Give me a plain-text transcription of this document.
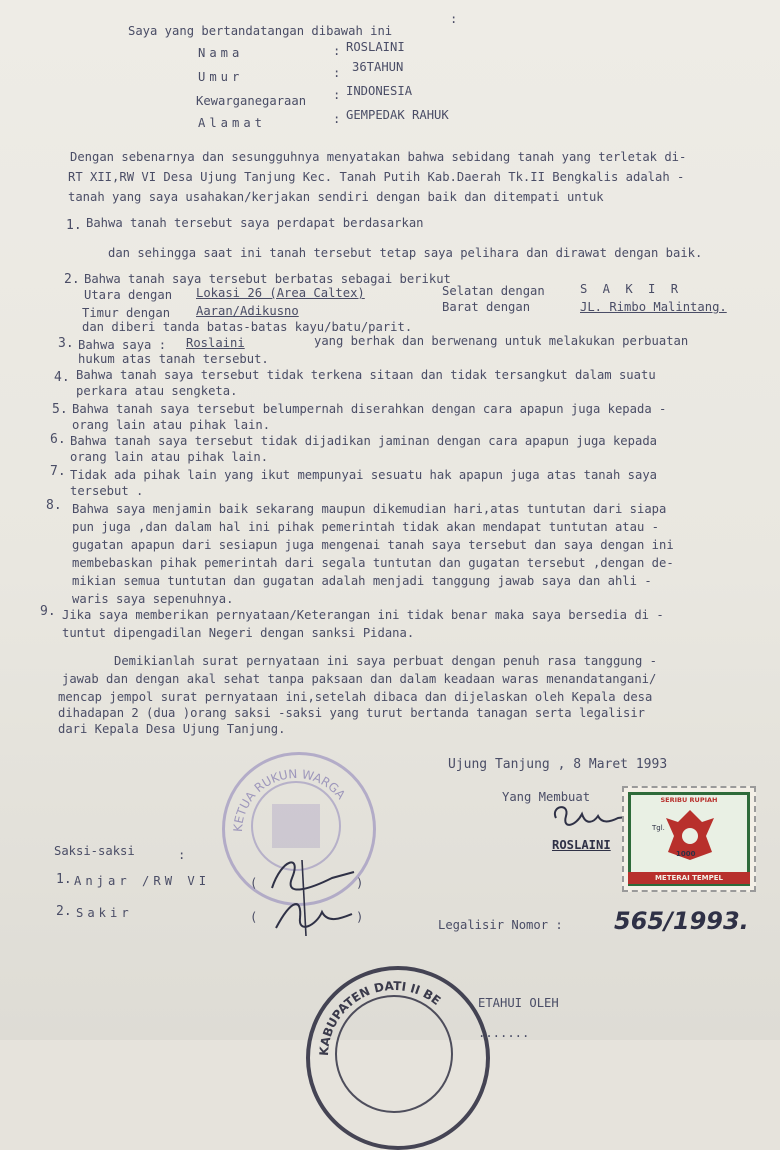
Saya yang bertandatangan dibawah ini
:
Nama	: ROSLAINI
Umur	: 36TAHUN
Kewarganegaraan : INDONESIA
Alamat	: GEMPEDAK RAHUK
Dengan sebenarnya dan sesungguhnya menyatakan bahwa sebidang tanah yang terletak di-
RT XII,RW VI Desa Ujung Tanjung Kec. Tanah Putih Kab.Daerah Tk.II Bengkalis adalah -
tanah yang saya usahakan/kerjakan sendiri dengan baik dan ditempati untuk
1. Bahwa tanah tersebut saya perdapat berdasarkan
dan sehingga saat ini tanah tersebut tetap saya pelihara dan dirawat dengan baik.
2. Bahwa tanah saya tersebut berbatas sebagai berikut
Utara dengan Lokasi 26 (Area Caltex)	Selatan dengan	S A K I R
Timur dengan Aaran/Adikusno	Barat dengan	JL. Rimbo Malintang.
dan diberi tanda batas-batas kayu/batu/parit.
3. Bahwa saya : Roslaini	yang berhak dan berwenang untuk melakukan perbuatan
hukum atas tanah tersebut.
4. Bahwa tanah saya tersebut tidak terkena sitaan dan tidak tersangkut dalam suatu
perkara atau sengketa.
5. Bahwa tanah saya tersebut belumpernah diserahkan dengan cara apapun juga kepada -
orang lain atau pihak lain.
6. Bahwa tanah saya tersebut tidak dijadikan jaminan dengan cara apapun juga kepada
orang lain atau pihak lain.
7. Tidak ada pihak lain yang ikut mempunyai sesuatu hak apapun juga atas tanah saya
tersebut .
8. Bahwa saya menjamin baik sekarang maupun dikemudian hari,atas tuntutan dari siapa
pun juga ,dan dalam hal ini pihak pemerintah tidak akan mendapat tuntutan atau -
gugatan apapun dari sesiapun juga mengenai tanah saya tersebut dan saya dengan ini
membebaskan pihak pemerintah dari segala tuntutan dan gugatan tersebut ,dengan de-
mikian semua tuntutan dan gugatan adalah menjadi tanggung jawab saya dan ahli -
waris saya sepenuhnya.
9. Jika saya memberikan pernyataan/Keterangan ini tidak benar maka saya bersedia di -
tuntut dipengadilan Negeri dengan sanksi Pidana.
Demikianlah surat pernyataan ini saya perbuat dengan penuh rasa tanggung -
jawab dan dengan akal sehat tanpa paksaan dan dalam keadaan waras menandatangani/
mencap jempol surat pernyataan ini,setelah dibaca dan dijelaskan oleh Kepala desa
dihadapan 2 (dua )orang saksi -saksi yang turut bertanda tanagan serta legalisir
dari Kepala Desa Ujung Tanjung.
Ujung Tanjung , 8 Maret 1993
Yang Membuat
KETUA RUKUN WARGA
ROSLAINI
SERIBU RUPIAH
Tgl.
1000
METERAI TEMPEL
Saksi-saksi	:
1. Anjar /RW VI
2. Sakir
(	)
(	)
Legalisir Nomor : 565/1993.
KABUPATEN DATI II BE	ETAHUI OLEH
.......
